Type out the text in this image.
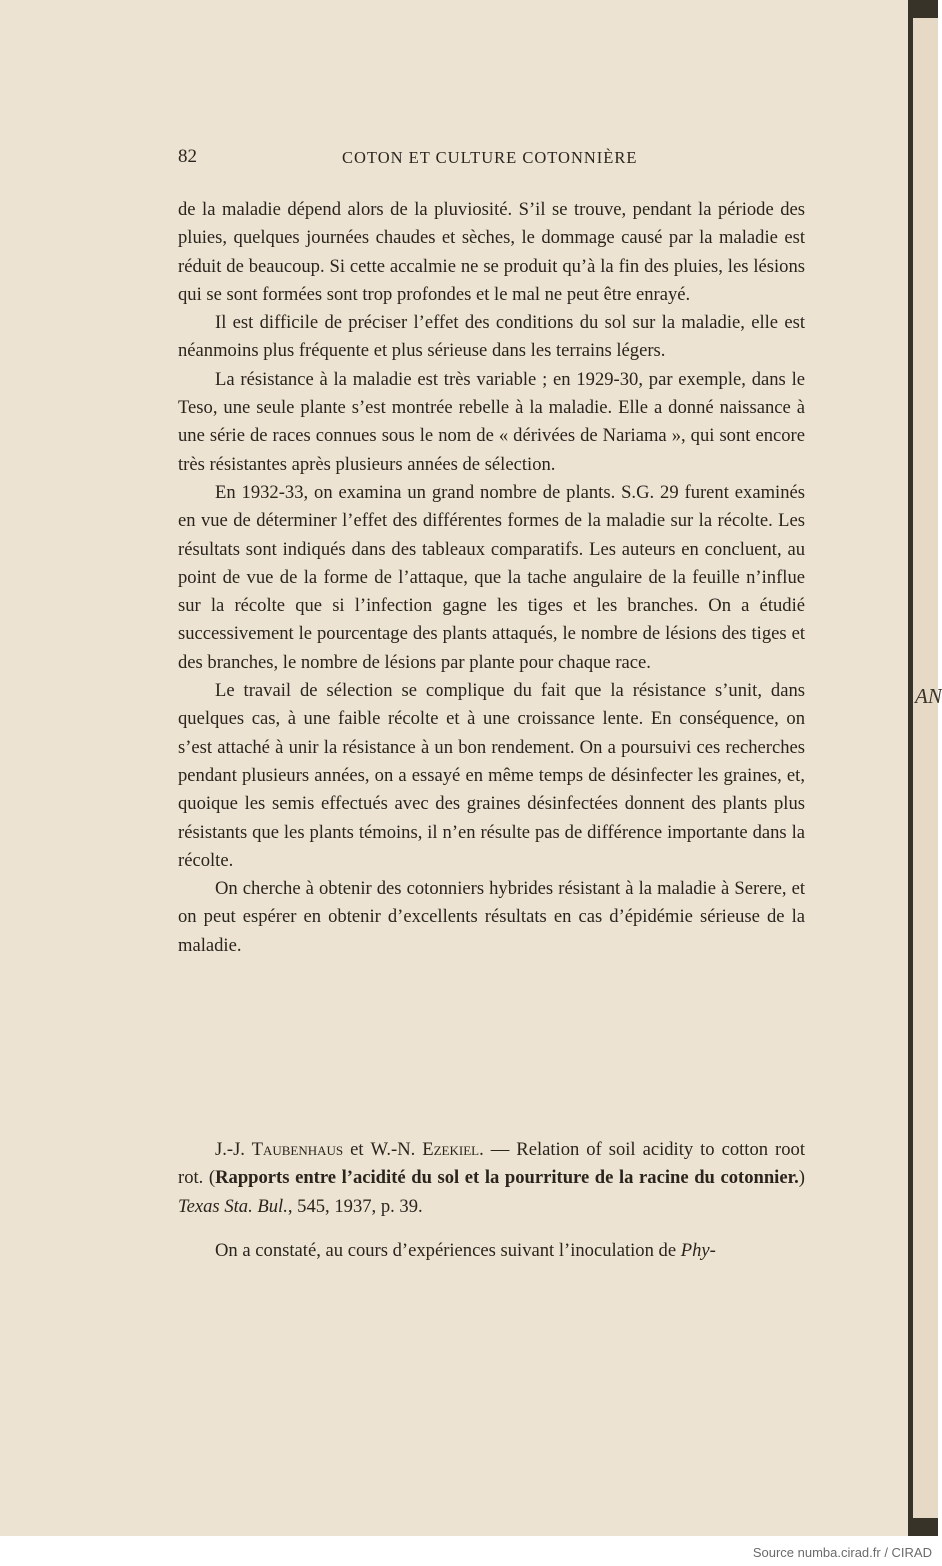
AN
82	COTON ET CULTURE COTONNIÈRE

de la maladie dépend alors de la pluviosité. S’il se trouve, pendant la période des pluies, quelques journées chaudes et sèches, le dommage causé par la maladie est réduit de beaucoup. Si cette accalmie ne se produit qu’à la fin des pluies, les lésions qui se sont formées sont trop profondes et le mal ne peut être enrayé.

Il est difficile de préciser l’effet des conditions du sol sur la maladie, elle est néanmoins plus fréquente et plus sérieuse dans les terrains légers.

La résistance à la maladie est très variable ; en 1929-30, par exemple, dans le Teso, une seule plante s’est montrée rebelle à la maladie. Elle a donné naissance à une série de races connues sous le nom de « dérivées de Nariama », qui sont encore très résistantes après plusieurs années de sélection.

En 1932-33, on examina un grand nombre de plants. S.G. 29 furent examinés en vue de déterminer l’effet des différentes formes de la maladie sur la récolte. Les résultats sont indiqués dans des tableaux comparatifs. Les auteurs en concluent, au point de vue de la forme de l’attaque, que la tache angulaire de la feuille n’influe sur la récolte que si l’infection gagne les tiges et les branches. On a étudié successivement le pourcentage des plants attaqués, le nombre de lésions des tiges et des branches, le nombre de lésions par plante pour chaque race.

Le travail de sélection se complique du fait que la résistance s’unit, dans quelques cas, à une faible récolte et à une croissance lente. En conséquence, on s’est attaché à unir la résistance à un bon rendement. On a poursuivi ces recherches pendant plusieurs années, on a essayé en même temps de désinfecter les graines, et, quoique les semis effectués avec des graines désinfectées donnent des plants plus résistants que les plants témoins, il n’en résulte pas de différence importante dans la récolte.

On cherche à obtenir des cotonniers hybrides résistant à la maladie à Serere, et on peut espérer en obtenir d’excellents résultats en cas d’épidémie sérieuse de la maladie.

J.-J. Taubenhaus et W.-N. Ezekiel. — Relation of soil acidity to cotton root rot. (Rapports entre l’acidité du sol et la pourriture de la racine du cotonnier.) Texas Sta. Bul., 545, 1937, p. 39.

On a constaté, au cours d’expériences suivant l’inoculation de Phy-

Source numba.cirad.fr / CIRAD
